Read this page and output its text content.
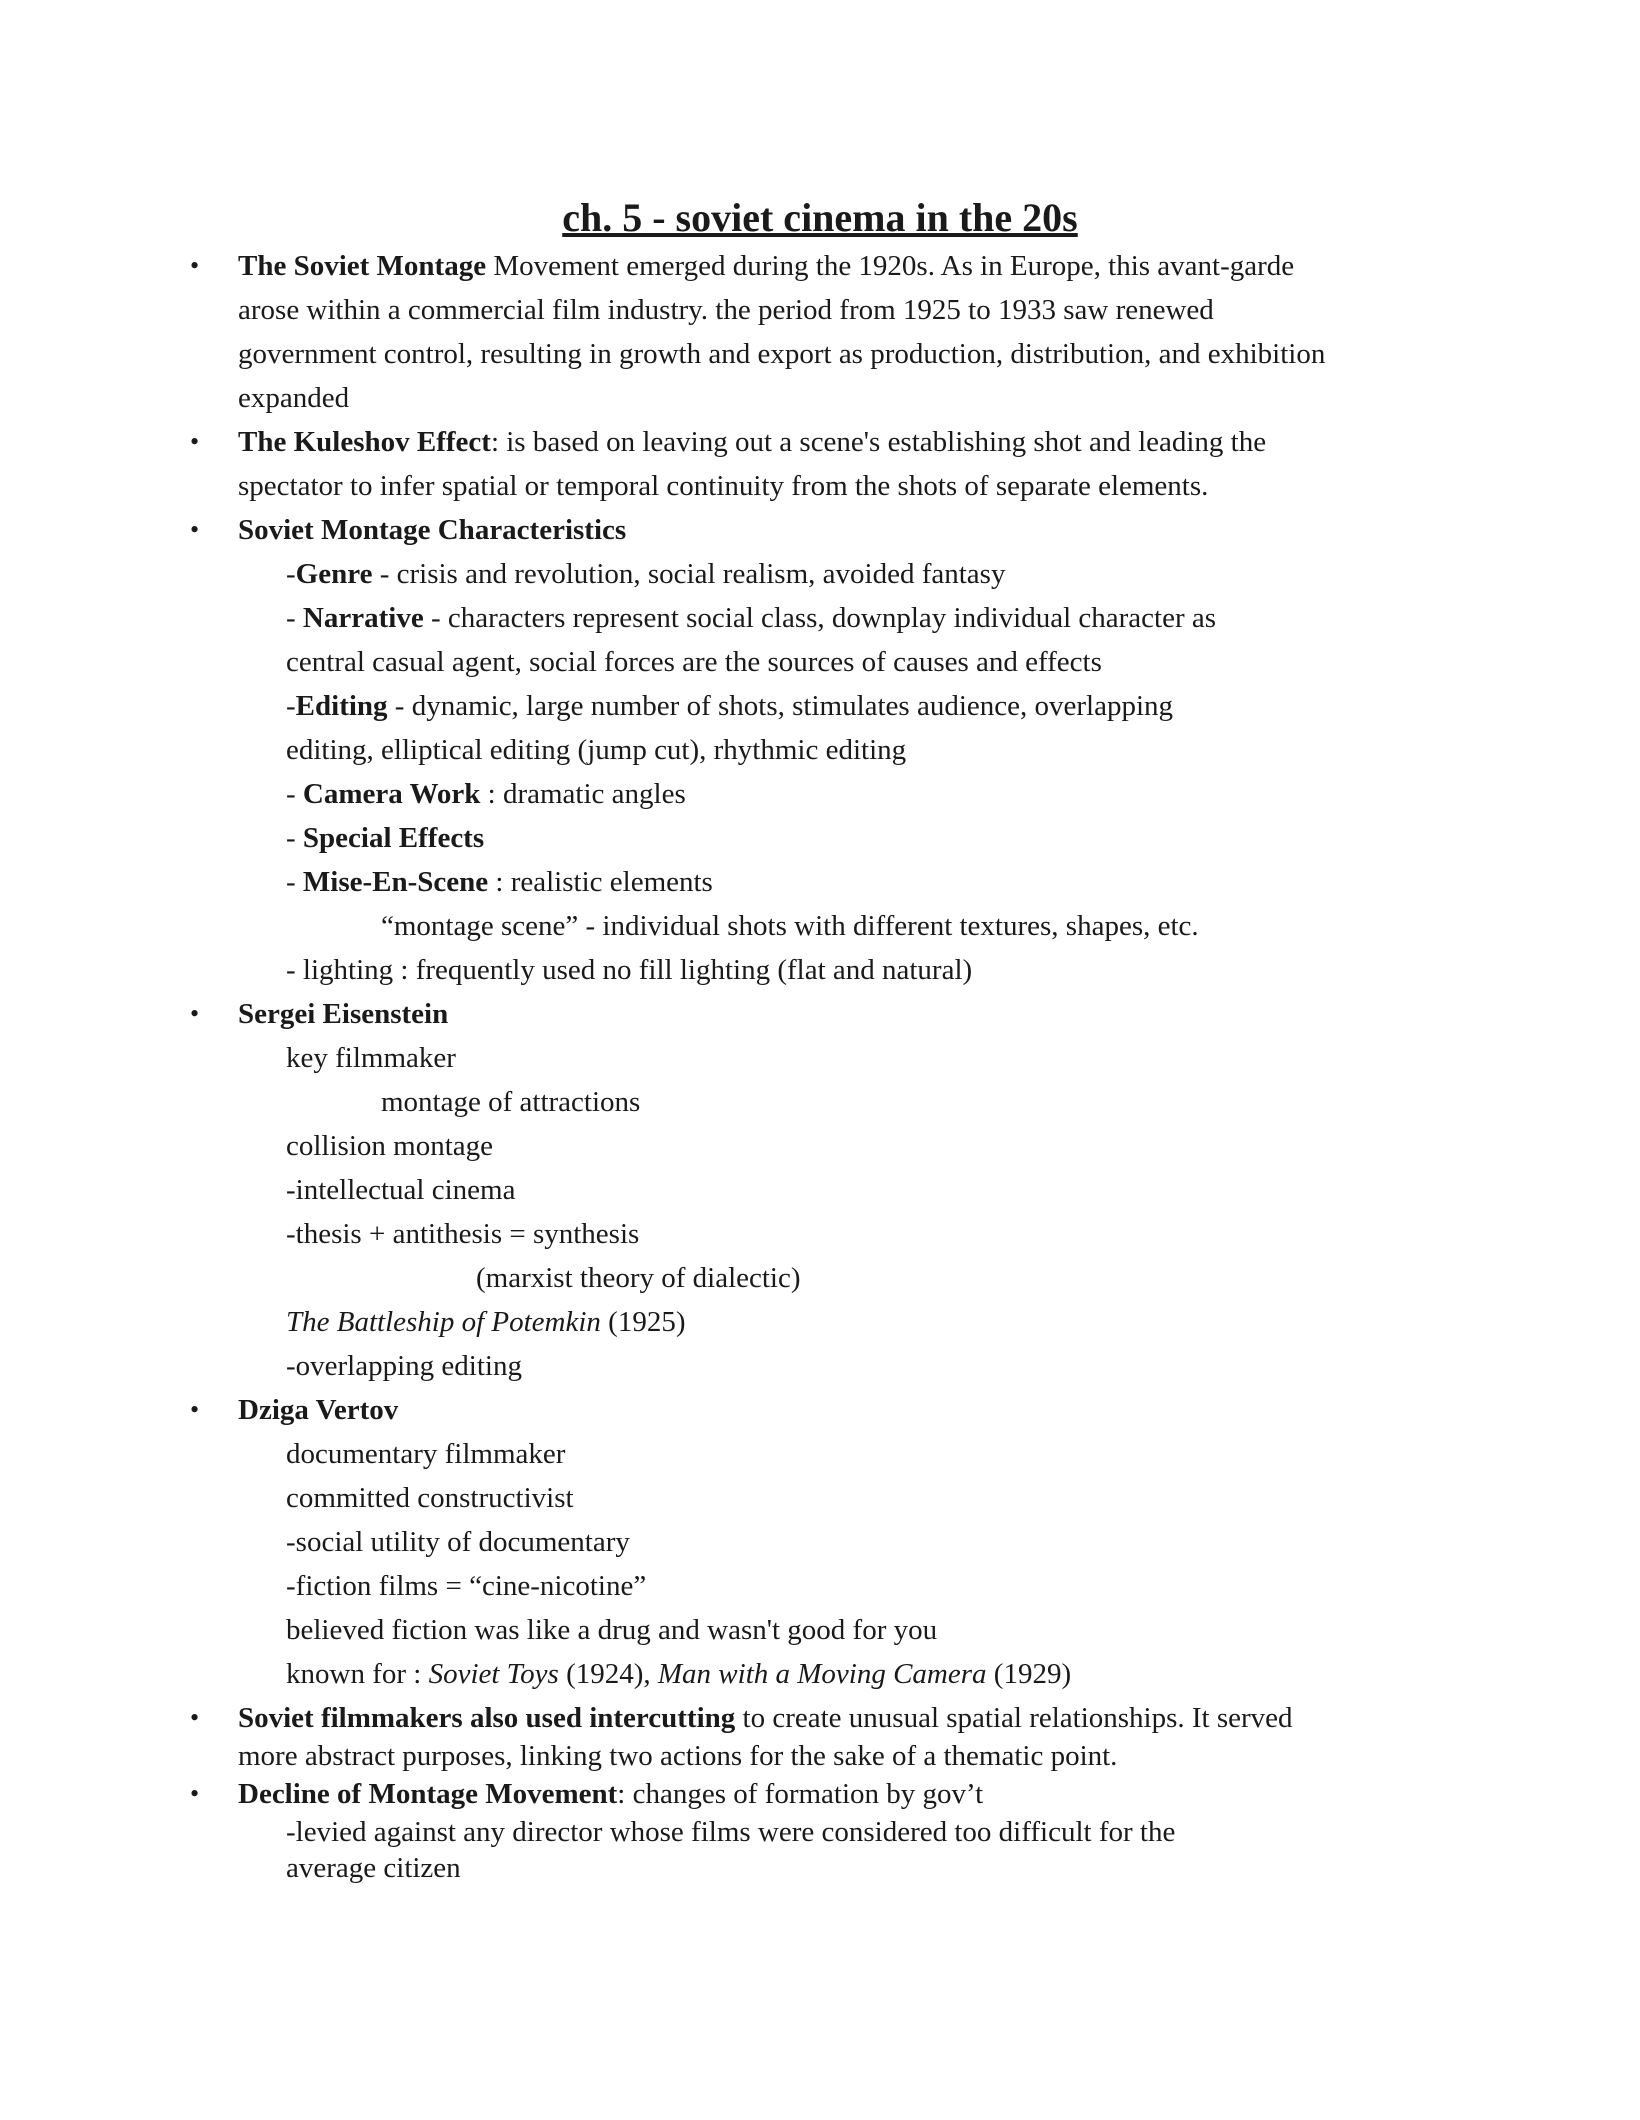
ch. 5 - soviet cinema in the 20s
• The Soviet Montage Movement emerged during the 1920s. As in Europe, this avant-garde
arose within a commercial film industry. the period from 1925 to 1933 saw renewed
government control, resulting in growth and export as production, distribution, and exhibition
expanded
• The Kuleshov Effect: is based on leaving out a scene's establishing shot and leading the
spectator to infer spatial or temporal continuity from the shots of separate elements.
• Soviet Montage Characteristics
-Genre - crisis and revolution, social realism, avoided fantasy
- Narrative - characters represent social class, downplay individual character as
central casual agent, social forces are the sources of causes and effects
-Editing - dynamic, large number of shots, stimulates audience, overlapping
editing, elliptical editing (jump cut), rhythmic editing
- Camera Work : dramatic angles
- Special Effects
- Mise-En-Scene : realistic elements
“montage scene” - individual shots with different textures, shapes, etc.
- lighting : frequently used no fill lighting (flat and natural)
• Sergei Eisenstein
key filmmaker
montage of attractions
collision montage
-intellectual cinema
-thesis + antithesis = synthesis
(marxist theory of dialectic)
The Battleship of Potemkin (1925)
-overlapping editing
• Dziga Vertov
documentary filmmaker
committed constructivist
-social utility of documentary
-fiction films = “cine-nicotine”
believed fiction was like a drug and wasn't good for you
known for : Soviet Toys (1924), Man with a Moving Camera (1929)
• Soviet filmmakers also used intercutting to create unusual spatial relationships. It served
more abstract purposes, linking two actions for the sake of a thematic point.
• Decline of Montage Movement: changes of formation by gov’t
-levied against any director whose films were considered too difficult for the
average citizen
